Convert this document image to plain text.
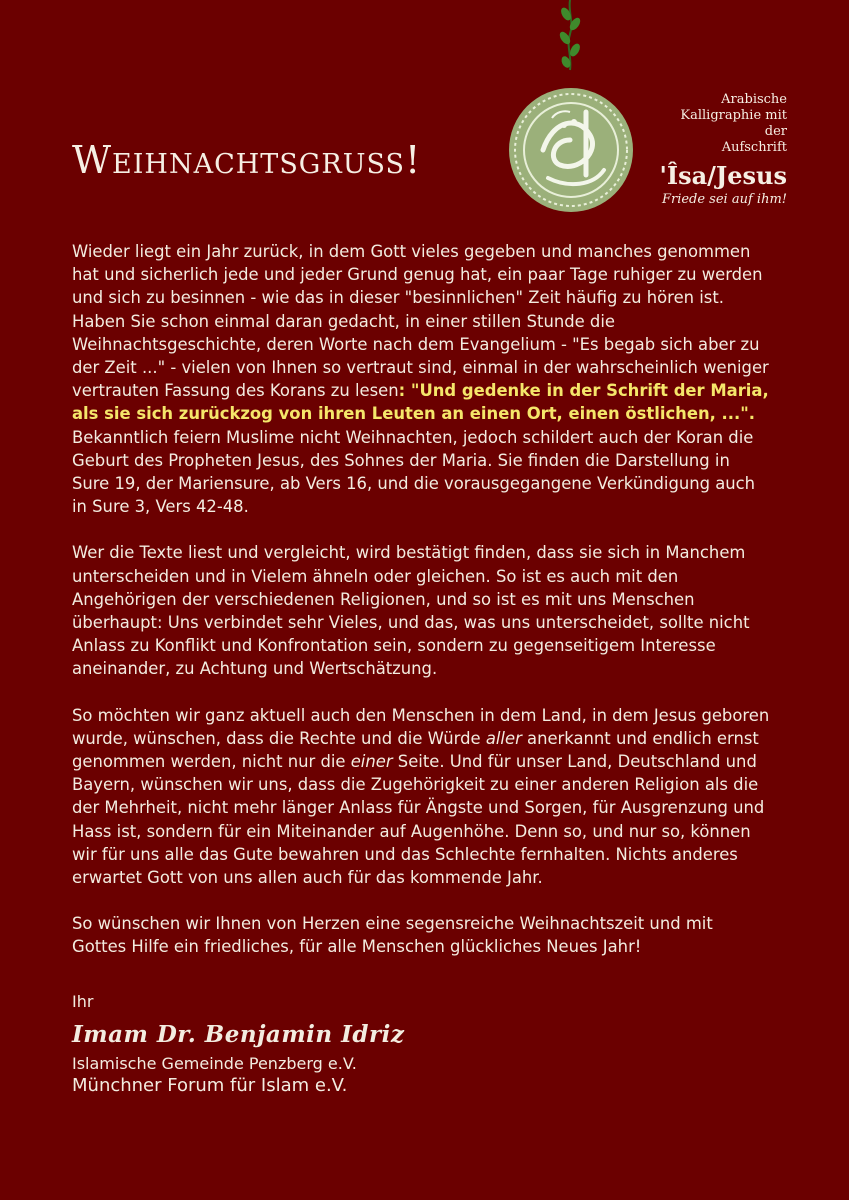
Weihnachtsgruss!
Arabische
Kalligraphie mit der
Aufschrift
'Îsa/Jesus
Friede sei auf ihm!

Wieder liegt ein Jahr zurück, in dem Gott vieles gegeben und manches genommen hat und sicherlich jede und jeder Grund genug hat, ein paar Tage ruhiger zu werden und sich zu besinnen - wie das in dieser "besinnlichen" Zeit häufig zu hören ist. Haben Sie schon einmal daran gedacht, in einer stillen Stunde die Weihnachtsgeschichte, deren Worte nach dem Evangelium - "Es begab sich aber zu der Zeit ..." - vielen von Ihnen so vertraut sind, einmal in der wahrscheinlich weniger vertrauten Fassung des Korans zu lesen: "Und gedenke in der Schrift der Maria, als sie sich zurückzog von ihren Leuten an einen Ort, einen östlichen, ...". Bekanntlich feiern Muslime nicht Weihnachten, jedoch schildert auch der Koran die Geburt des Propheten Jesus, des Sohnes der Maria. Sie finden die Darstellung in Sure 19, der Mariensure, ab Vers 16, und die vorausgegangene Verkündigung auch in Sure 3, Vers 42-48.

Wer die Texte liest und vergleicht, wird bestätigt finden, dass sie sich in Manchem unterscheiden und in Vielem ähneln oder gleichen. So ist es auch mit den Angehörigen der verschiedenen Religionen, und so ist es mit uns Menschen überhaupt: Uns verbindet sehr Vieles, und das, was uns unterscheidet, sollte nicht Anlass zu Konflikt und Konfrontation sein, sondern zu gegenseitigem Interesse aneinander, zu Achtung und Wertschätzung.

So möchten wir ganz aktuell auch den Menschen in dem Land, in dem Jesus geboren wurde, wünschen, dass die Rechte und die Würde aller anerkannt und endlich ernst genommen werden, nicht nur die einer Seite. Und für unser Land, Deutschland und Bayern, wünschen wir uns, dass die Zugehörigkeit zu einer anderen Religion als die der Mehrheit, nicht mehr länger Anlass für Ängste und Sorgen, für Ausgrenzung und Hass ist, sondern für ein Miteinander auf Augenhöhe. Denn so, und nur so, können wir für uns alle das Gute bewahren und das Schlechte fernhalten. Nichts anderes erwartet Gott von uns allen auch für das kommende Jahr.

So wünschen wir Ihnen von Herzen eine segensreiche Weihnachtszeit und mit Gottes Hilfe ein friedliches, für alle Menschen glückliches Neues Jahr!

Ihr
Imam Dr. Benjamin Idriz
Islamische Gemeinde Penzberg e.V.
Münchner Forum für Islam e.V.
